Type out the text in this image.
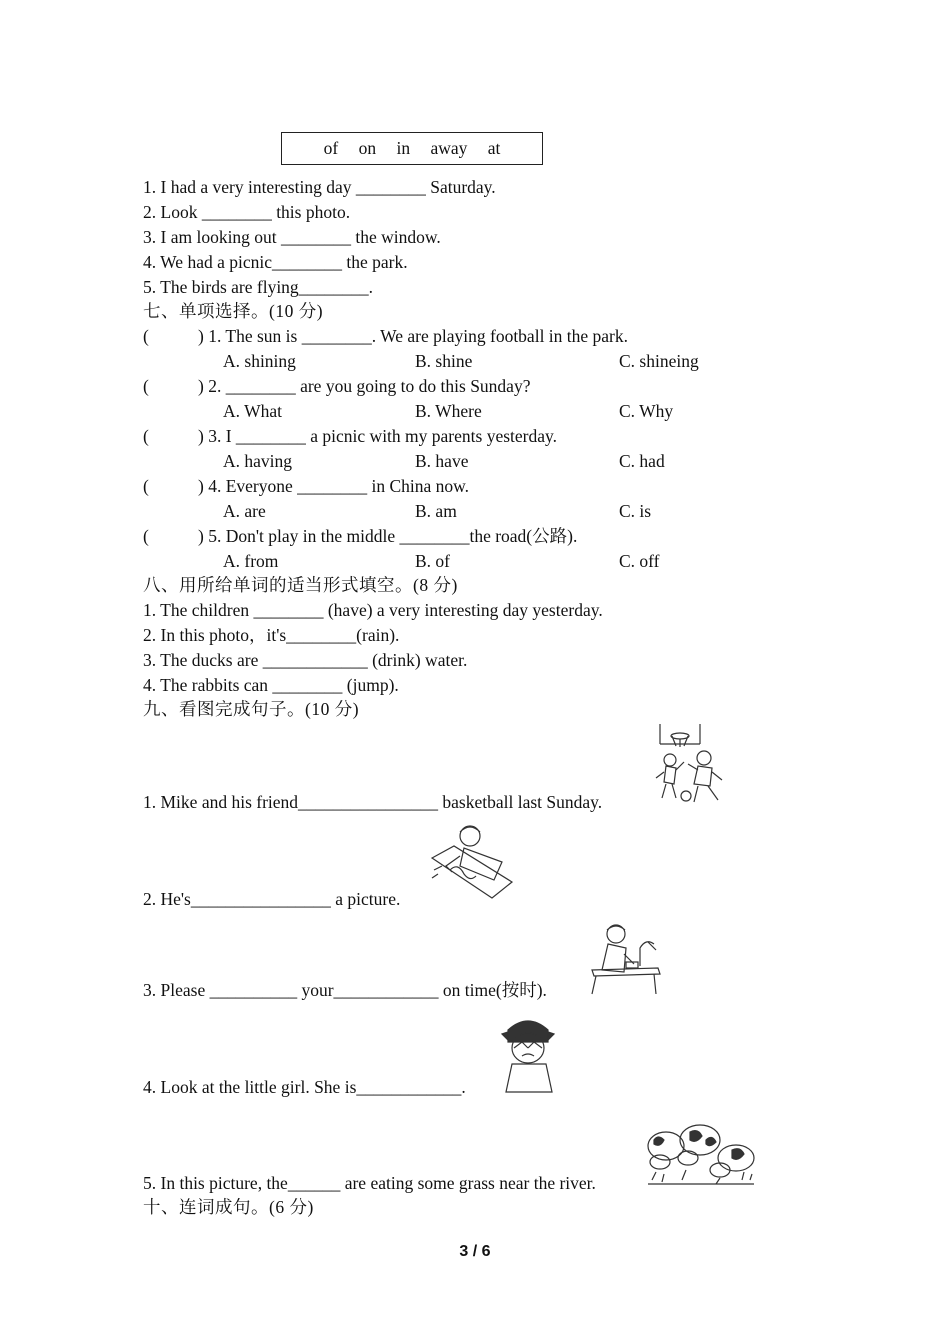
of on in away at
1. I had a very interesting day ________ Saturday.
2. Look ________ this photo.
3. I am looking out ________ the window.
4. We had a picnic________ the park.
5. The birds are flying________.
七、单项选择。(10 分)
(	) 1. The sun is ________. We are playing football in the park.
A. shining	B. shine	C. shineing
(	) 2. ________ are you going to do this Sunday?
A. What	B. Where	C. Why
(	) 3. I ________ a picnic with my parents yesterday.
A. having	B. have	C. had
(	) 4. Everyone ________ in China now.
A. are	B. am	C. is
(	) 5. Don't play in the middle ________the road(公路).
A. from	B. of	C. off
八、用所给单词的适当形式填空。(8 分)
1. The children ________ (have) a very interesting day yesterday.
2. In this photo，it's________(rain).
3. The ducks are ____________ (drink) water.
4. The rabbits can ________ (jump).
九、看图完成句子。(10 分)
1. Mike and his friend________________ basketball last Sunday.
2. He's________________ a picture.
3. Please __________ your____________ on time(按时).
4. Look at the little girl. She is____________.
5. In this picture, the______ are eating some grass near the river.
十、连词成句。(6 分)
3 / 6
